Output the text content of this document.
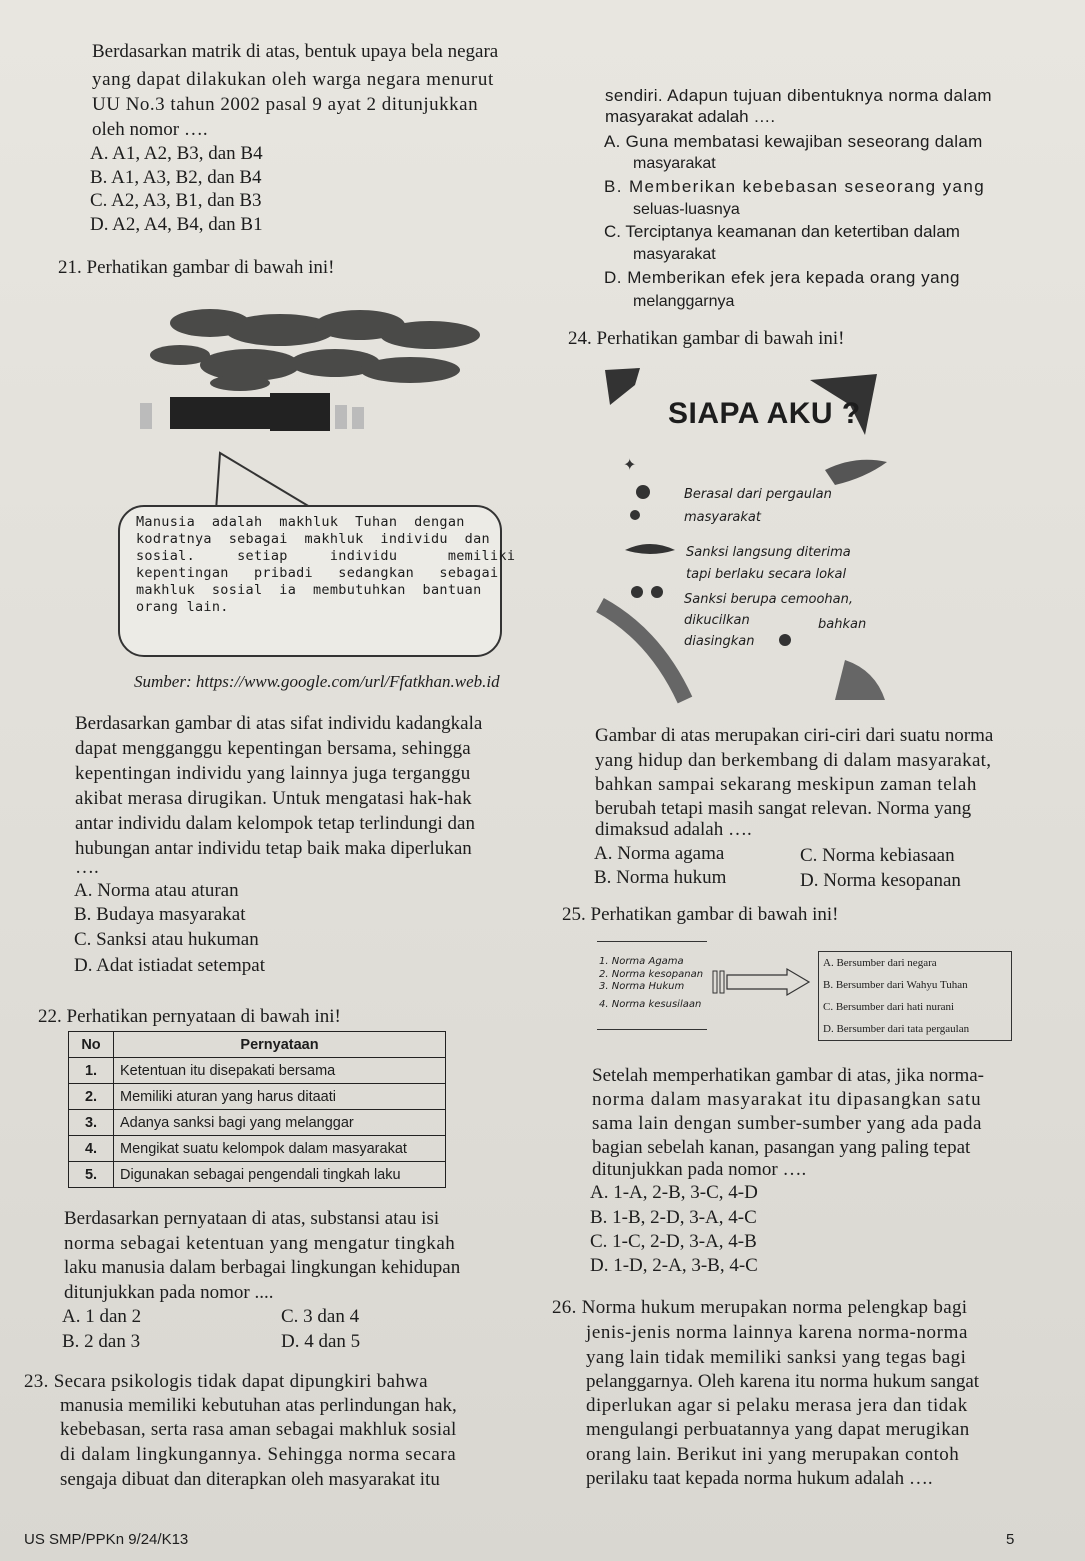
Berdasarkan matrik di atas, bentuk upaya bela negara
yang dapat dilakukan oleh warga negara menurut
UU No.3 tahun 2002 pasal 9 ayat 2 ditunjukkan
oleh nomor ….
A. A1, A2, B3, dan B4
B. A1, A3, B2, dan B4
C. A2, A3, B1, dan B3
D. A2, A4, B4, dan B1
21. Perhatikan gambar di bawah ini!
Manusia  adalah  makhluk  Tuhan  dengan
kodratnya  sebagai  makhluk  individu
sosial.     setiap     individu
kepentingan   pribadi   sedangkan   sebagai
makhluk  sosial  ia  membutuhkan  bantuan
orang lain.
Sumber: https://www.google.com/url/Ffatkhan.web.id
Berdasarkan gambar di atas sifat individu kadangkala
dapat mengganggu kepentingan bersama, sehingga
kepentingan individu yang lainnya juga terganggu
akibat merasa dirugikan. Untuk mengatasi hak-hak
antar individu dalam kelompok tetap terlindungi dan
hubungan antar individu tetap baik maka diperlukan
….
A. Norma atau aturan
B. Budaya masyarakat
C. Sanksi atau hukuman
D. Adat istiadat setempat
22. Perhatikan pernyataan di bawah ini!
No	Pernyataan
1.	Ketentuan itu disepakati bersama
2.	Memiliki aturan yang harus ditaati
3.	Adanya sanksi bagi yang melanggar
4.	Mengikat suatu kelompok dalam masyarakat
5.	Digunakan sebagai pengendali tingkah laku
Berdasarkan pernyataan di atas, substansi atau isi
norma sebagai ketentuan yang mengatur tingkah
laku manusia dalam berbagai lingkungan kehidupan
ditunjukkan pada nomor ....
A. 1 dan 2	C. 3 dan 4
B. 2 dan 3	D. 4 dan 5
23. Secara psikologis tidak dapat dipungkiri bahwa
manusia memiliki kebutuhan atas perlindungan hak,
kebebasan, serta rasa aman sebagai makhluk sosial
di dalam lingkungannya. Sehingga norma secara
sengaja dibuat dan diterapkan oleh masyarakat itu
sendiri. Adapun tujuan dibentuknya norma dalam
masyarakat adalah ….
A. Guna membatasi kewajiban seseorang dalam
masyarakat
B. Memberikan kebebasan seseorang yang
seluas-luasnya
C. Terciptanya keamanan dan ketertiban dalam
masyarakat
D. Memberikan efek jera kepada orang yang
melanggarnya
24. Perhatikan gambar di bawah ini!
✦
SIAPA AKU ?
Berasal dari pergaulan
masyarakat
Sanksi langsung diterima
tapi berlaku secara lokal
Sanksi berupa cemoohan,
dikucilkan	bahkan
diasingkan
Gambar di atas merupakan ciri-ciri dari suatu norma
yang hidup dan berkembang di dalam masyarakat,
bahkan sampai sekarang meskipun zaman telah
berubah tetapi masih sangat relevan. Norma yang
dimaksud adalah ….
A. Norma agama	C. Norma kebiasaan
B. Norma hukum	D. Norma kesopanan
25. Perhatikan gambar di bawah ini!
1. Norma Agama
2. Norma kesopanan
3. Norma Hukum
4. Norma kesusilaan
A. Bersumber dari negara
B. Bersumber dari Wahyu Tuhan
C. Bersumber dari hati nurani
D. Bersumber dari tata pergaulan
Setelah memperhatikan gambar di atas, jika norma-
norma dalam masyarakat itu dipasangkan satu
sama lain dengan sumber-sumber yang ada pada
bagian sebelah kanan, pasangan yang paling tepat
ditunjukkan pada nomor ….
A. 1-A, 2-B, 3-C, 4-D
B. 1-B, 2-D, 3-A, 4-C
C. 1-C, 2-D, 3-A, 4-B
D. 1-D, 2-A, 3-B, 4-C
26. Norma hukum merupakan norma pelengkap bagi
jenis-jenis norma lainnya karena norma-norma
yang lain tidak memiliki sanksi yang tegas bagi
pelanggarnya. Oleh karena itu norma hukum sangat
diperlukan agar si pelaku merasa jera dan tidak
mengulangi perbuatannya yang dapat merugikan
orang lain. Berikut ini yang merupakan contoh
perilaku taat kepada norma hukum adalah ….
US SMP/PPKn 9/24/K13	5
